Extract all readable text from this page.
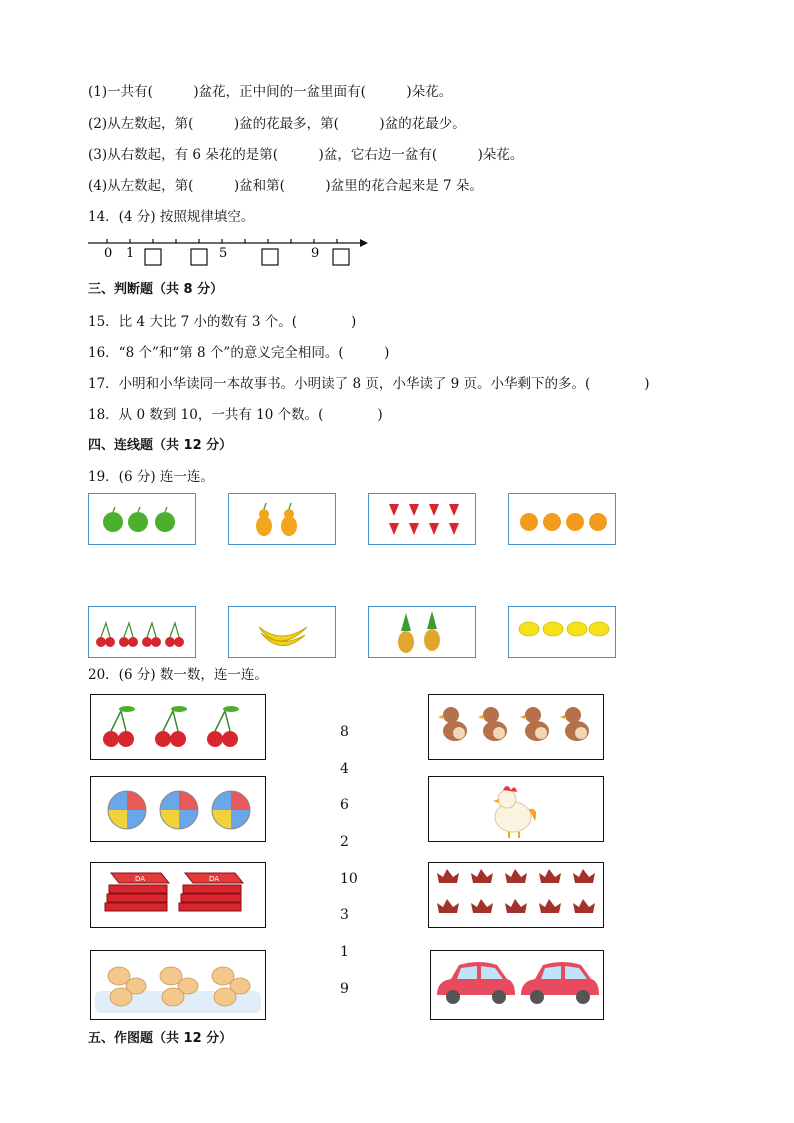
(1)一共有(　　　)盆花，正中间的一盆里面有(　　　)朵花。
(2)从左数起，第(　　　)盆的花最多，第(　　　)盆的花最少。
(3)从右数起，有 6 朵花的是第(　　　)盆，它右边一盆有(　　　)朵花。
(4)从左数起，第(　　　)盆和第(　　　)盆里的花合起来是 7 朵。
14．(4 分) 按照规律填空。
0 1	5	9
三、判断题（共 8 分）
15．比 4 大比 7 小的数有 3 个。(　　　　)
16．“8 个”和“第 8 个”的意义完全相同。(　　　)
17．小明和小华读同一本故事书。小明读了 8 页，小华读了 9 页。小华剩下的多。(　　　　)
18．从 0 数到 10，一共有 10 个数。(　　　　)
四、连线题（共 12 分）
19．(6 分) 连一连。
20．(6 分) 数一数，连一连。
DA	DA
8
4
6
2
10
3
1
9
五、作图题（共 12 分）
